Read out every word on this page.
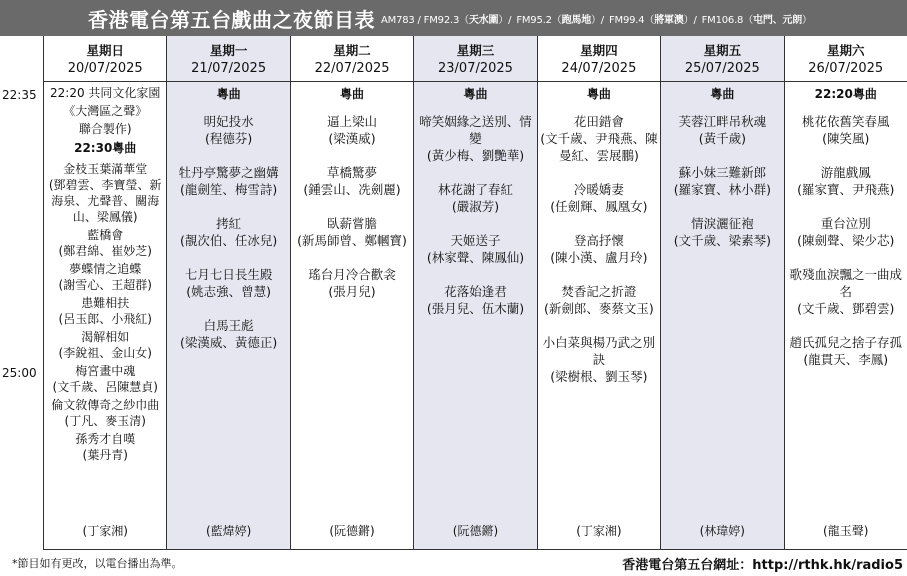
香港電台第五台戲曲之夜節目表 AM783 / FM92.3（天水圍）/ FM95.2（跑馬地）/ FM99.4（將軍澳）/ FM106.8（屯門、元朗）
22:35
25:00
星期日
20/07/2025
22:20 共同文化家園
《大灣區之聲》
聯合製作)
22:30粵曲
金枝玉葉滿華堂
(鄧碧雲、李寶瑩、新海泉、尤聲普、關海山、梁鳳儀)
藍橋會
(鄭君綿、崔妙芝)
夢蝶情之追蝶
(謝雪心、王超群)
患難相扶
(呂玉郎、小飛紅)
渴解相如
(李銳祖、金山女)
梅宮畫中魂
(文千歲、呂陳慧貞)
倫文敘傳奇之紗巾曲
(丁凡、麥玉清)
孫秀才自嘆
(葉丹青)
(丁家湘)
星期一
21/07/2025
粵曲
明妃投水
(程德芬)
牡丹亭驚夢之幽媾
(龍劍笙、梅雪詩)
拷紅
(靚次伯、任冰兒)
七月七日長生殿
(姚志強、曾慧)
白馬王彪
(梁漢威、黃德正)
(藍煒婷)
星期二
22/07/2025
粵曲
逼上梁山
(梁漢威)
草橋驚夢
(鍾雲山、冼劍麗)
臥薪嘗膽
(新馬師曾、鄭幗寶)
瑤台月冷合歡衾
(張月兒)
(阮德鏘)
星期三
23/07/2025
粵曲
啼笑姻緣之送別、情變
(黃少梅、劉艷華)
林花謝了春紅
(嚴淑芳)
天姬送子
(林家聲、陳鳳仙)
花落始逢君
(張月兒、伍木蘭)
(阮德鏘)
星期四
24/07/2025
粵曲
花田錯會
(文千歲、尹飛燕、陳曼紅、雲展鵬)
冷暖嬌妻
(任劍輝、鳳凰女)
登高抒懷
(陳小漢、盧月玲)
焚香記之折證
(新劍郎、麥蔡文玉)
小白菜與楊乃武之別訣
(梁樹根、劉玉琴)
(丁家湘)
星期五
25/07/2025
粵曲
芙蓉江畔吊秋魂
(黃千歲)
蘇小妹三難新郎
(羅家寶、林小群)
情淚灑征袍
(文千歲、梁素琴)
(林瑋婷)
星期六
26/07/2025
22:20粵曲
桃花依舊笑春風
(陳笑風)
游龍戲鳳
(羅家寶、尹飛燕)
重台泣別
(陳劍聲、梁少芯)
歌殘血淚飄之一曲成名
(文千歲、鄧碧雲)
趙氏孤兒之捨子存孤
(龍貫天、李鳳)
(龍玉聲)
*節目如有更改，以電台播出為準。	香港電台第五台網址：http://rthk.hk/radio5
